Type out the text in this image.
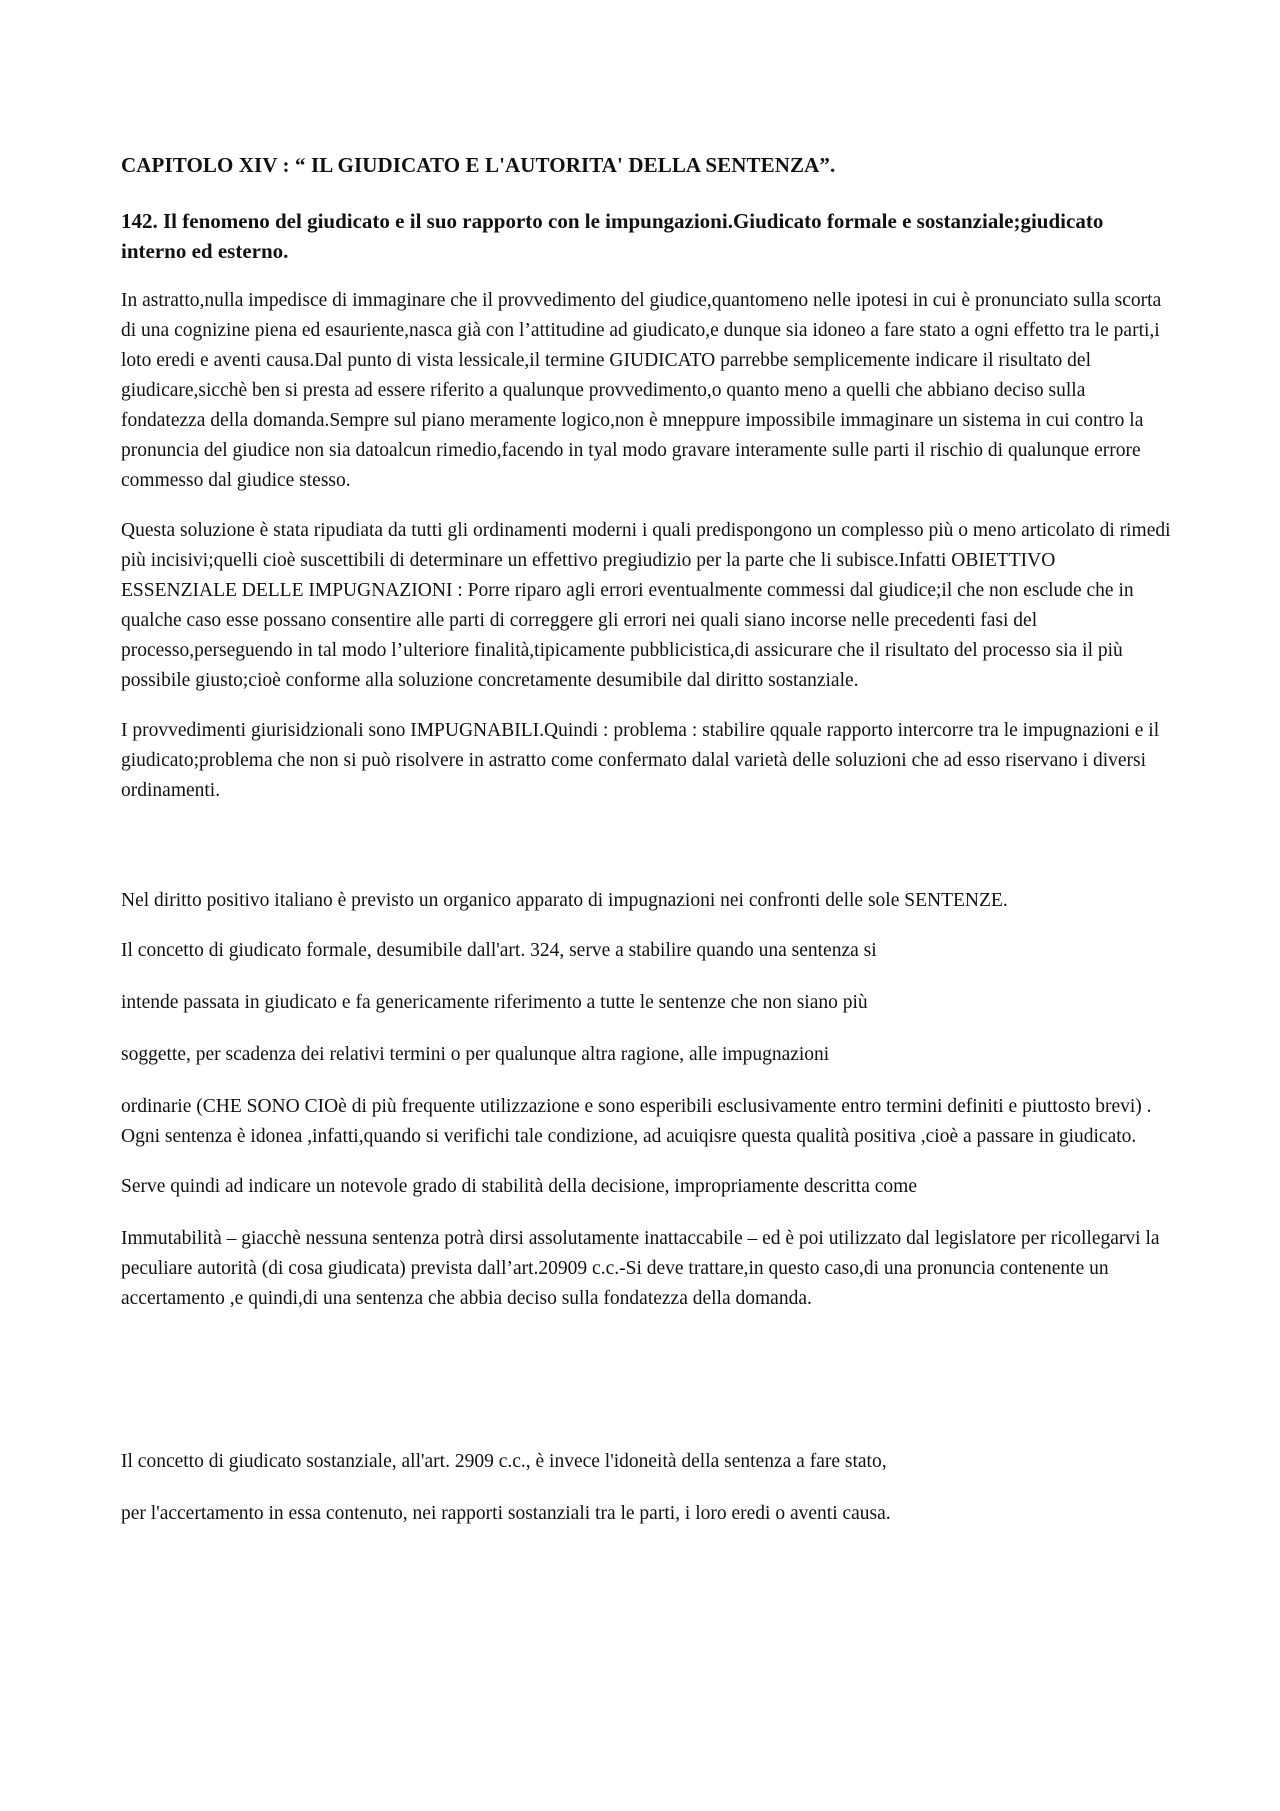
CAPITOLO XIV : “ IL GIUDICATO E L'AUTORITA' DELLA SENTENZA”.

142. Il fenomeno del giudicato e il suo rapporto con le impungazioni.Giudicato formale e sostanziale;giudicato interno ed esterno.

In astratto,nulla impedisce di immaginare che il provvedimento del giudice,quantomeno nelle ipotesi in cui è pronunciato sulla scorta di una cognizine piena ed esauriente,nasca già con l’attitudine ad giudicato,e dunque sia idoneo a fare stato a ogni effetto tra le parti,i loto eredi e aventi causa.Dal punto di vista lessicale,il termine GIUDICATO parrebbe semplicemente indicare il risultato del giudicare,sicchè ben si presta ad essere riferito a qualunque provvedimento,o quanto meno a quelli che abbiano deciso sulla fondatezza della domanda.Sempre sul piano meramente logico,non è mneppure impossibile immaginare un sistema in cui contro la pronuncia del giudice non sia datoalcun rimedio,facendo in tyal modo gravare interamente sulle parti il rischio di qualunque errore commesso dal giudice stesso.

Questa soluzione è stata ripudiata da tutti gli ordinamenti moderni i quali predispongono un complesso più o meno articolato di rimedi più incisivi;quelli cioè suscettibili di determinare un effettivo pregiudizio per la parte che li subisce.Infatti OBIETTIVO ESSENZIALE DELLE IMPUGNAZIONI : Porre riparo agli errori eventualmente commessi dal giudice;il che non esclude che in qualche caso esse possano consentire alle parti di correggere gli errori nei quali siano incorse nelle precedenti fasi del processo,perseguendo in tal modo l’ulteriore finalità,tipicamente pubblicistica,di assicurare che il risultato del processo sia il più possibile giusto;cioè conforme alla soluzione concretamente desumibile dal diritto sostanziale.

I provvedimenti giurisidzionali sono IMPUGNABILI.Quindi : problema : stabilire qquale rapporto intercorre tra le impugnazioni e il giudicato;problema che non si può risolvere in astratto come confermato dalal varietà delle soluzioni che ad esso riservano i diversi ordinamenti.

Nel diritto positivo italiano è previsto un organico apparato di impugnazioni nei confronti delle sole SENTENZE.

Il concetto di giudicato formale, desumibile dall'art. 324, serve a stabilire quando una sentenza si

intende passata in giudicato e fa genericamente riferimento a tutte le sentenze che non siano più

soggette, per scadenza dei relativi termini o per qualunque altra ragione, alle impugnazioni

ordinarie (CHE SONO CIOè di più frequente utilizzazione e sono esperibili esclusivamente entro termini definiti e piuttosto brevi) . Ogni sentenza è idonea ,infatti,quando si verifichi tale condizione, ad acuiqisre questa qualità positiva ,cioè a passare in giudicato.

Serve quindi ad indicare un notevole grado di stabilità della decisione, impropriamente descritta come

Immutabilità – giacchè nessuna sentenza potrà dirsi assolutamente inattaccabile – ed è poi utilizzato dal legislatore per ricollegarvi la peculiare autorità (di cosa giudicata) prevista dall’art.20909 c.c.-Si deve trattare,in questo caso,di una pronuncia contenente un accertamento ,e quindi,di una sentenza che abbia deciso sulla fondatezza della domanda.

Il concetto di giudicato sostanziale, all'art. 2909 c.c., è invece l'idoneità della sentenza a fare stato,

per l'accertamento in essa contenuto, nei rapporti sostanziali tra le parti, i loro eredi o aventi causa.
